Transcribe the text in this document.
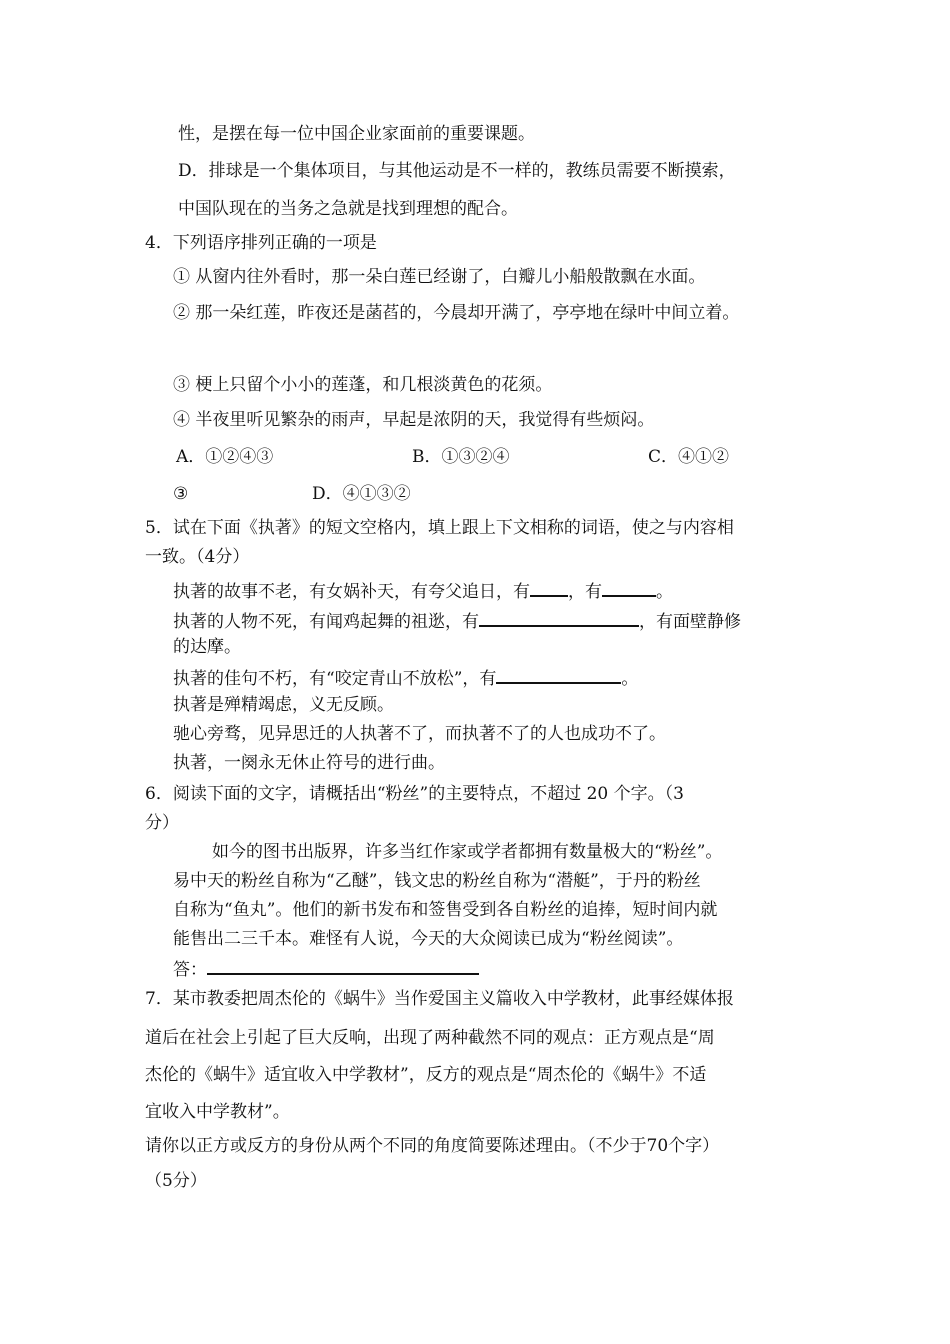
性，是摆在每一位中国企业家面前的重要课题。
D．排球是一个集体项目，与其他运动是不一样的，教练员需要不断摸索，
中国队现在的当务之急就是找到理想的配合。
4．下列语序排列正确的一项是
① 从窗内往外看时，那一朵白莲已经谢了，白瓣儿小船般散飘在水面。
② 那一朵红莲，昨夜还是菡萏的，今晨却开满了，亭亭地在绿叶中间立着。
③ 梗上只留个小小的莲蓬，和几根淡黄色的花须。
④ 半夜里听见繁杂的雨声，早起是浓阴的天，我觉得有些烦闷。
A．①②④③	B．①③②④	C．④①②
③	D．④①③②
5．试在下面《执著》的短文空格内，填上跟上下文相称的词语，使之与内容相
一致。（4分）
执著的故事不老，有女娲补天，有夸父追日，有 ，有	。
执著的人物不死，有闻鸡起舞的祖逖，有	，有面壁静修
的达摩。
执著的佳句不朽，有“咬定青山不放松”，有	。
执著是殚精竭虑，义无反顾。
驰心旁骛，见异思迁的人执著不了，而执著不了的人也成功不了。
执著，一阕永无休止符号的进行曲。
6．阅读下面的文字，请概括出“粉丝”的主要特点，不超过 20 个字。（3
分）
如今的图书出版界，许多当红作家或学者都拥有数量极大的“粉丝”。
易中天的粉丝自称为“乙醚”，钱文忠的粉丝自称为“潜艇”，于丹的粉丝
自称为“鱼丸”。他们的新书发布和签售受到各自粉丝的追捧，短时间内就
能售出二三千本。难怪有人说，今天的大众阅读已成为“粉丝阅读”。
答：
7．某市教委把周杰伦的《蜗牛》当作爱国主义篇收入中学教材，此事经媒体报
道后在社会上引起了巨大反响，出现了两种截然不同的观点：正方观点是“周
杰伦的《蜗牛》适宜收入中学教材”，反方的观点是“周杰伦的《蜗牛》不适
宜收入中学教材”。
请你以正方或反方的身份从两个不同的角度简要陈述理由。（不少于70个字）
（5分）
